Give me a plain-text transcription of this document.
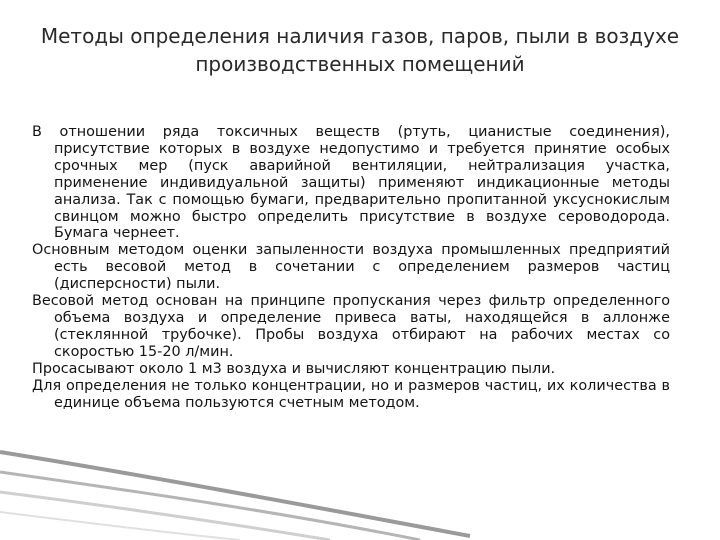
Методы определения наличия газов, паров, пыли в воздухе производственных помещений

В отношении ряда токсичных веществ (ртуть, цианистые соединения), присутствие которых в воздухе недопустимо и требуется принятие особых срочных мер (пуск аварийной вентиляции, нейтрализация участка, применение индивидуальной защиты) применяют индикационные методы анализа. Так с помощью бумаги, предварительно пропитанной уксуснокислым свинцом можно быстро определить присутствие в воздухе сероводорода. Бумага чернеет.

Основным методом оценки запыленности воздуха промышленных предприятий есть весовой метод в сочетании с определением размеров частиц (дисперсности) пыли.

Весовой метод основан на принципе пропускания через фильтр определенного объема воздуха и определение привеса ваты, находящейся в аллонже (стеклянной трубочке). Пробы воздуха отбирают на рабочих местах со скоростью 15-20 л/мин.

Просасывают около 1 м3 воздуха и вычисляют концентрацию пыли.

Для определения не только концентрации, но и размеров частиц, их количества в единице объема пользуются счетным методом.
